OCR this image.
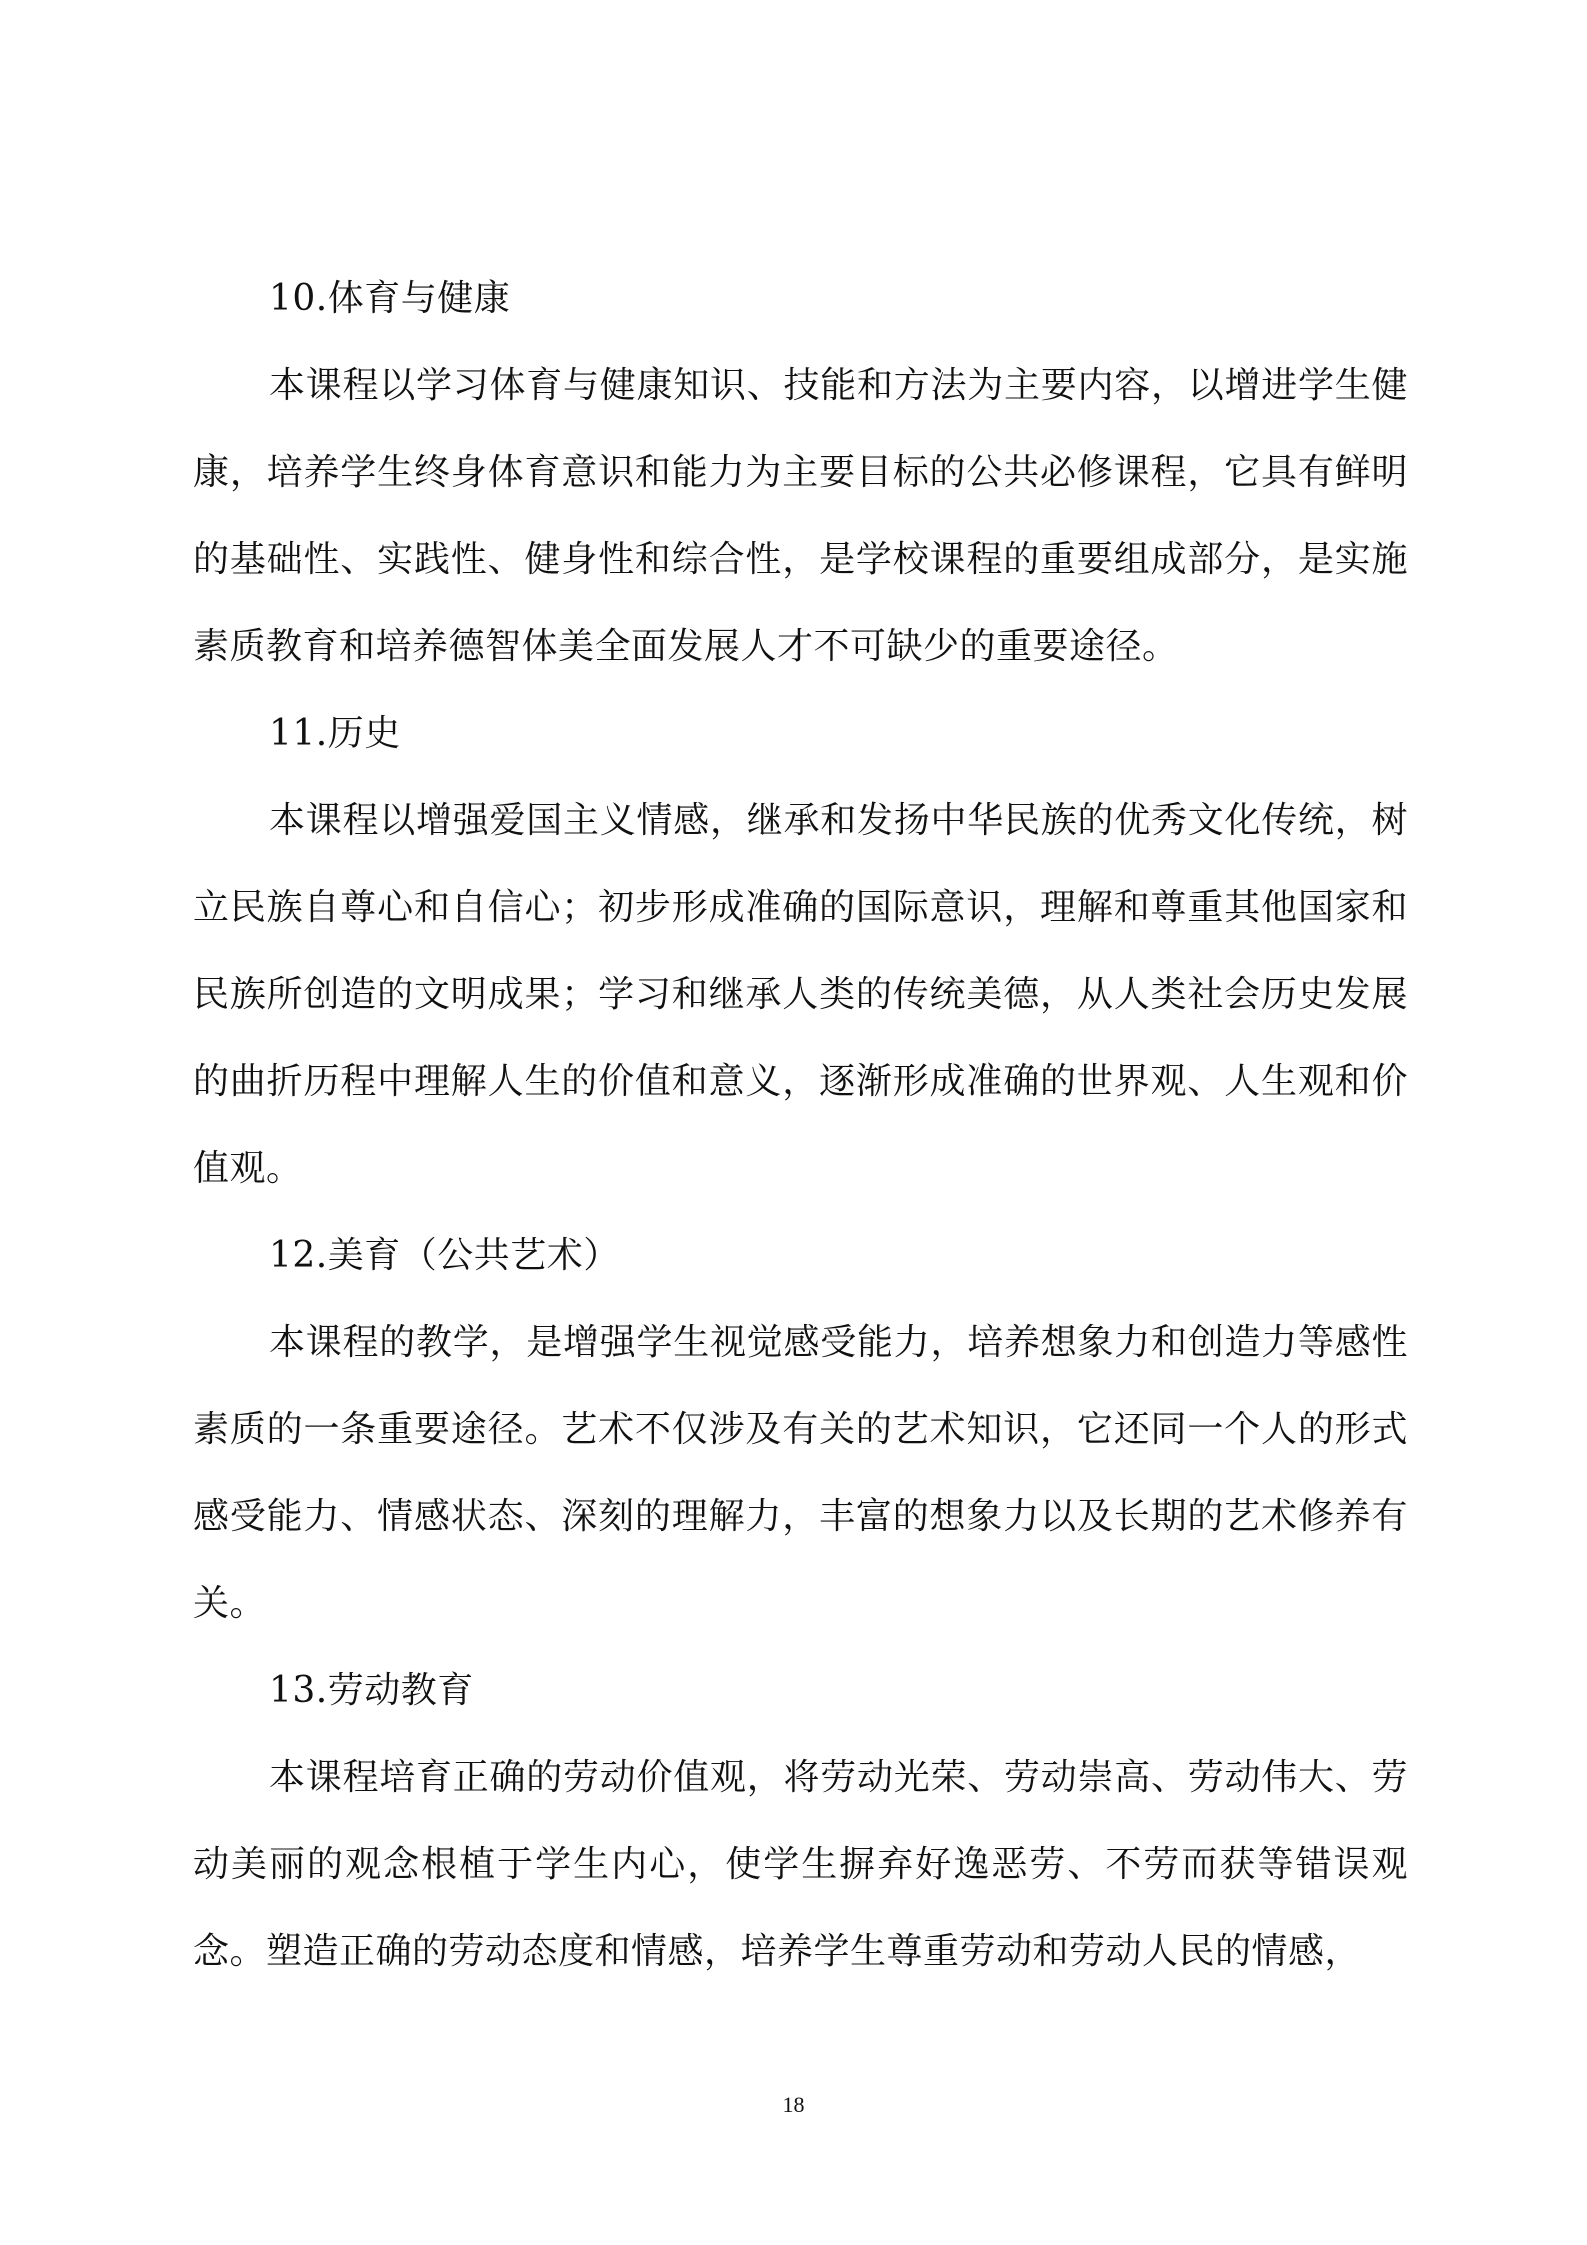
10.体育与健康

本课程以学习体育与健康知识、技能和方法为主要内容，以增进学生健康，培养学生终身体育意识和能力为主要目标的公共必修课程，它具有鲜明的基础性、实践性、健身性和综合性，是学校课程的重要组成部分，是实施素质教育和培养德智体美全面发展人才不可缺少的重要途径。

11.历史

本课程以增强爱国主义情感，继承和发扬中华民族的优秀文化传统，树立民族自尊心和自信心；初步形成准确的国际意识，理解和尊重其他国家和民族所创造的文明成果；学习和继承人类的传统美德，从人类社会历史发展的曲折历程中理解人生的价值和意义，逐渐形成准确的世界观、人生观和价值观。

12.美育（公共艺术）

本课程的教学，是增强学生视觉感受能力，培养想象力和创造力等感性素质的一条重要途径。艺术不仅涉及有关的艺术知识，它还同一个人的形式感受能力、情感状态、深刻的理解力，丰富的想象力以及长期的艺术修养有关。

13.劳动教育

本课程培育正确的劳动价值观，将劳动光荣、劳动崇高、劳动伟大、劳动美丽的观念根植于学生内心，使学生摒弃好逸恶劳、不劳而获等错误观念。塑造正确的劳动态度和情感，培养学生尊重劳动和劳动人民的情感，

18
